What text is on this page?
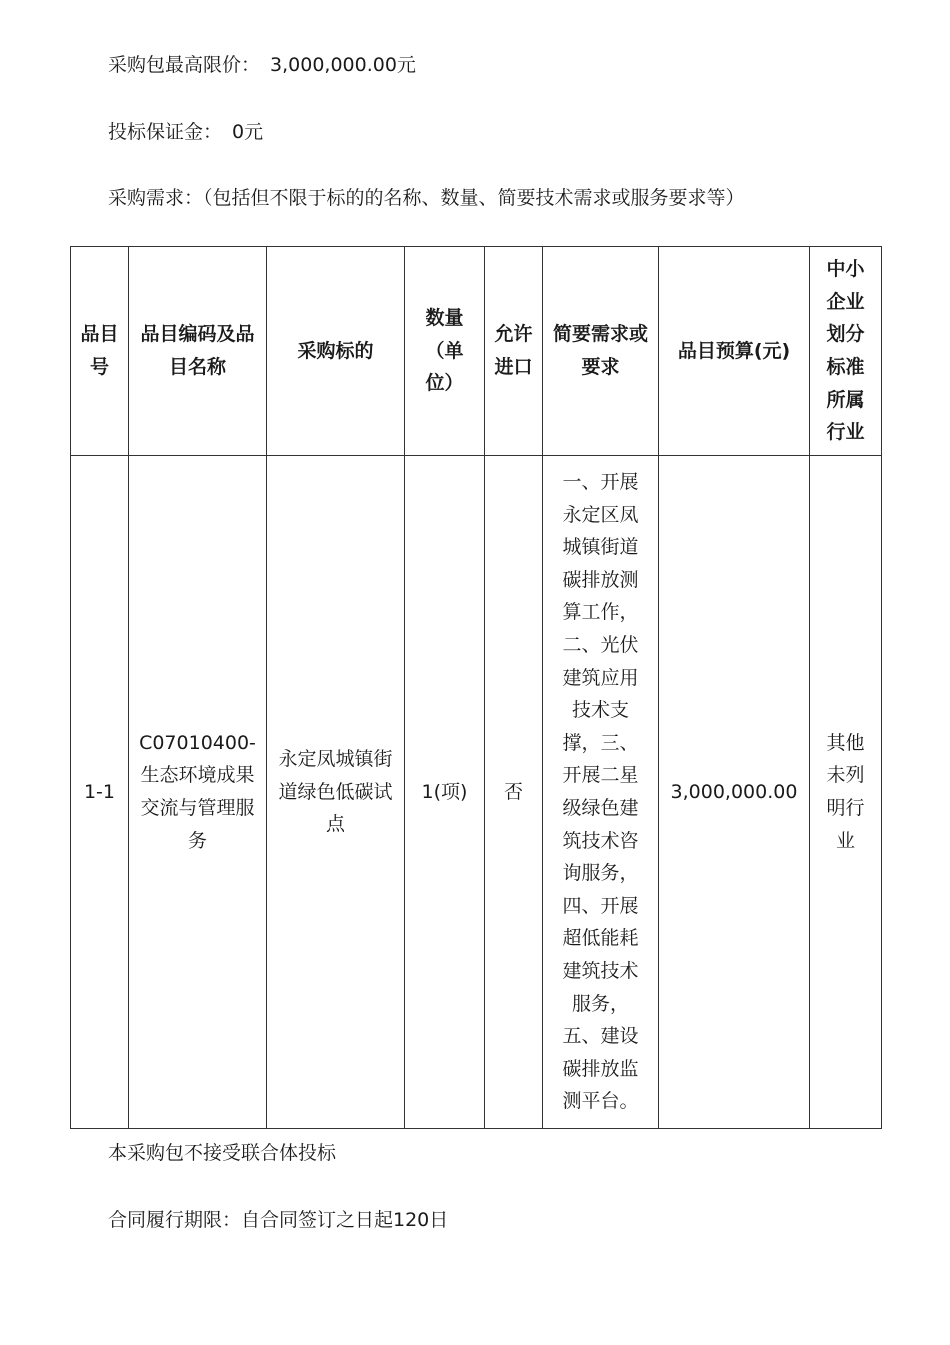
采购包最高限价： 3,000,000.00元
投标保证金： 0元
采购需求：（包括但不限于标的的名称、数量、简要技术需求或服务要求等）
品目号	品目编码及品目名称	采购标的	数量（单位）	允许进口	简要需求或要求	品目预算(元)	中小企业划分标准所属行业
1-1	C07010400-生态环境成果交流与管理服务	永定凤城镇街道绿色低碳试点	1(项)	否	一、开展永定区凤城镇街道碳排放测算工作，二、光伏建筑应用技术支撑，三、开展二星级绿色建筑技术咨询服务，四、开展超低能耗建筑技术服务，五、建设碳排放监测平台。	3,000,000.00	其他未列明行业
本采购包不接受联合体投标
合同履行期限：自合同签订之日起120日
